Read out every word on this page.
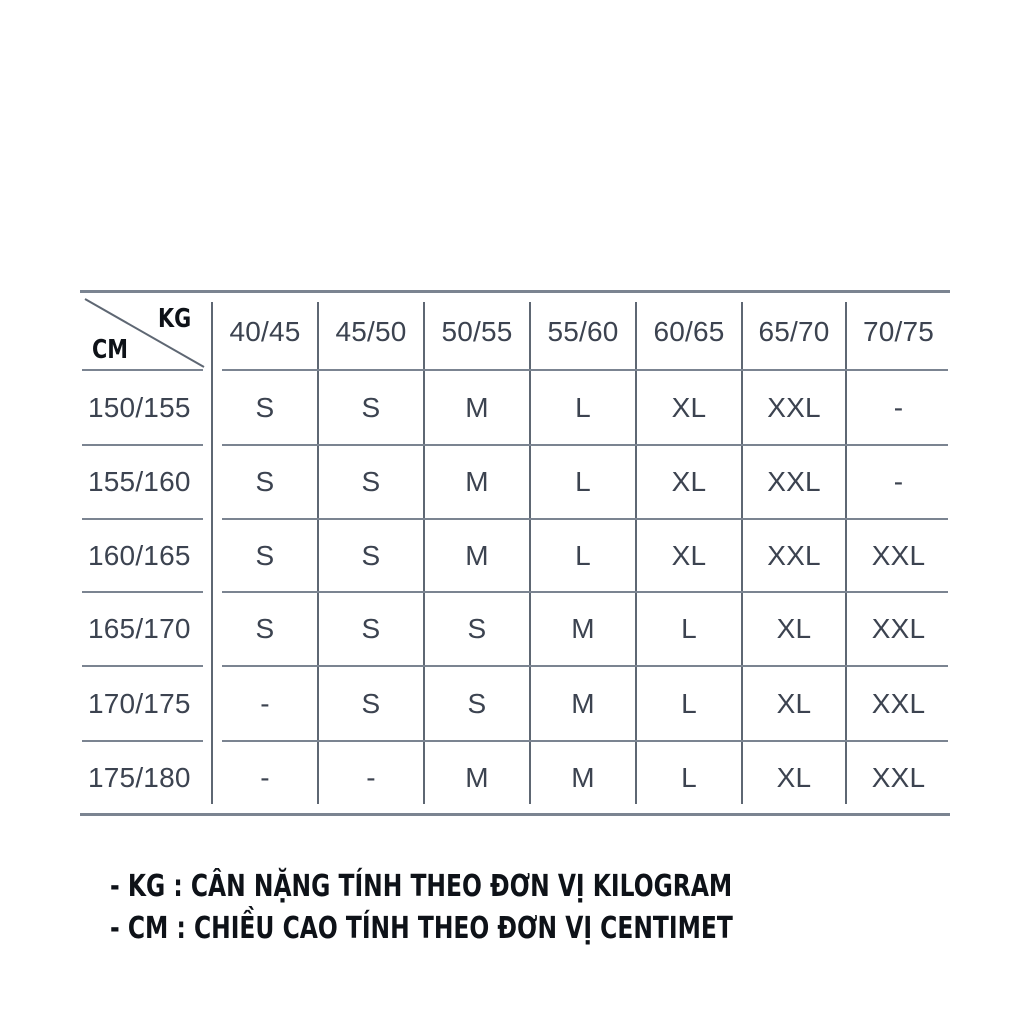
KG
CM
40/45	45/50	50/55	55/60	60/65	65/70	70/75
150/155	S	S	M	L	XL	XXL	-
155/160	S	S	M	L	XL	XXL	-
160/165	S	S	M	L	XL	XXL	XXL
165/170	S	S	S	M	L	XL	XXL
170/175	-	S	S	M	L	XL	XXL
175/180	-	-	M	M	L	XL	XXL
- KG : CÂN NẶNG TÍNH THEO ĐƠN VỊ KILOGRAM
- CM : CHIỀU CAO TÍNH THEO ĐƠN VỊ CENTIMET
